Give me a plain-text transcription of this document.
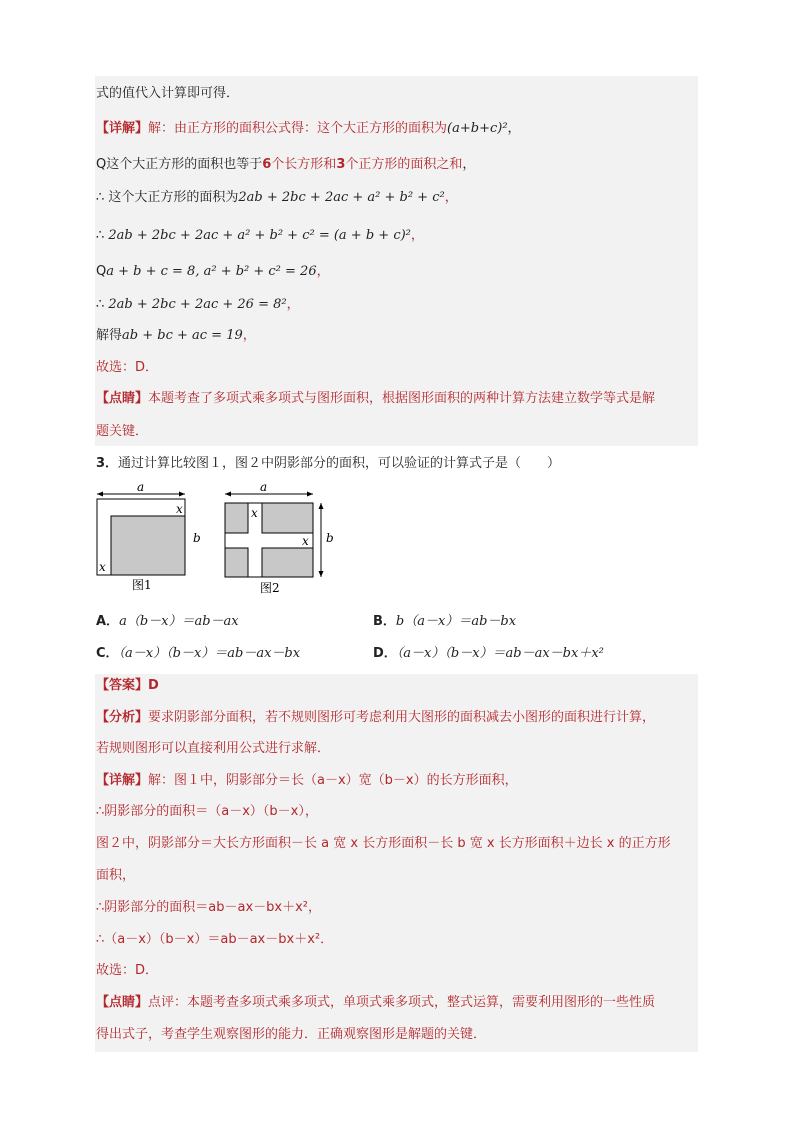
式的值代入计算即可得．
【详解】解：由正方形的面积公式得：这个大正方形的面积为(a+b+c)²，
Q这个大正方形的面积也等于6个长方形和3个正方形的面积之和，
∴ 这个大正方形的面积为2ab + 2bc + 2ac + a² + b² + c²，
∴ 2ab + 2bc + 2ac + a² + b² + c² = (a + b + c)²，
Qa + b + c = 8, a² + b² + c² = 26，
∴ 2ab + 2bc + 2ac + 26 = 8²，
解得ab + bc + ac = 19，
故选：D．
【点睛】本题考查了多项式乘多项式与图形面积，根据图形面积的两种计算方法建立数学等式是解
题关键．
3．通过计算比较图１，图２中阴影部分的面积，可以验证的计算式子是（　　）
a
x
x
b
图1
a
x
x b
图2
A．a（b－x）＝ab－ax	B．b（a－x）＝ab－bx
C．（a－x）（b－x）＝ab－ax－bx	D．（a－x）（b－x）＝ab－ax－bx＋x²
【答案】D
【分析】要求阴影部分面积，若不规则图形可考虑利用大图形的面积减去小图形的面积进行计算，
若规则图形可以直接利用公式进行求解．
【详解】解：图１中，阴影部分＝长（a－x）宽（b－x）的长方形面积，
∴阴影部分的面积＝（a－x）（b－x），
图２中，阴影部分＝大长方形面积－长 a 宽 x 长方形面积－长 b 宽 x 长方形面积＋边长 x 的正方形
面积，
∴阴影部分的面积＝ab－ax－bx＋x²，
∴（a－x）（b－x）＝ab－ax－bx＋x²．
故选：D．
【点睛】点评：本题考查多项式乘多项式，单项式乘多项式，整式运算，需要利用图形的一些性质
得出式子，考查学生观察图形的能力．正确观察图形是解题的关键．
